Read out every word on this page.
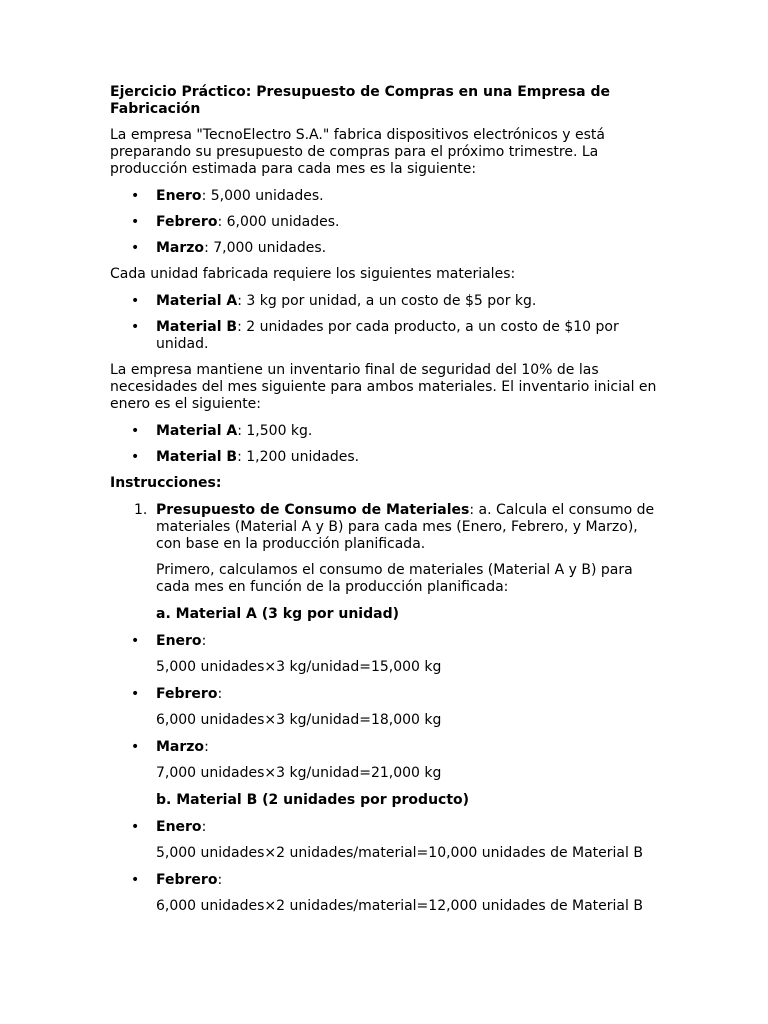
Ejercicio Práctico: Presupuesto de Compras en una Empresa de Fabricación

La empresa "TecnoElectro S.A." fabrica dispositivos electrónicos y está preparando su presupuesto de compras para el próximo trimestre. La producción estimada para cada mes es la siguiente:

• Enero: 5,000 unidades.
• Febrero: 6,000 unidades.
• Marzo: 7,000 unidades.

Cada unidad fabricada requiere los siguientes materiales:

• Material A: 3 kg por unidad, a un costo de $5 por kg.
• Material B: 2 unidades por cada producto, a un costo de $10 por unidad.

La empresa mantiene un inventario final de seguridad del 10% de las necesidades del mes siguiente para ambos materiales. El inventario inicial en enero es el siguiente:

• Material A: 1,500 kg.
• Material B: 1,200 unidades.

Instrucciones:

1. Presupuesto de Consumo de Materiales: a. Calcula el consumo de materiales (Material A y B) para cada mes (Enero, Febrero, y Marzo), con base en la producción planificada.

Primero, calculamos el consumo de materiales (Material A y B) para cada mes en función de la producción planificada:

a. Material A (3 kg por unidad)

• Enero:
5,000 unidades×3 kg/unidad=15,000 kg
• Febrero:
6,000 unidades×3 kg/unidad=18,000 kg
• Marzo:
7,000 unidades×3 kg/unidad=21,000 kg

b. Material B (2 unidades por producto)

• Enero:
5,000 unidades×2 unidades/material=10,000 unidades de Material B
• Febrero:
6,000 unidades×2 unidades/material=12,000 unidades de Material B
